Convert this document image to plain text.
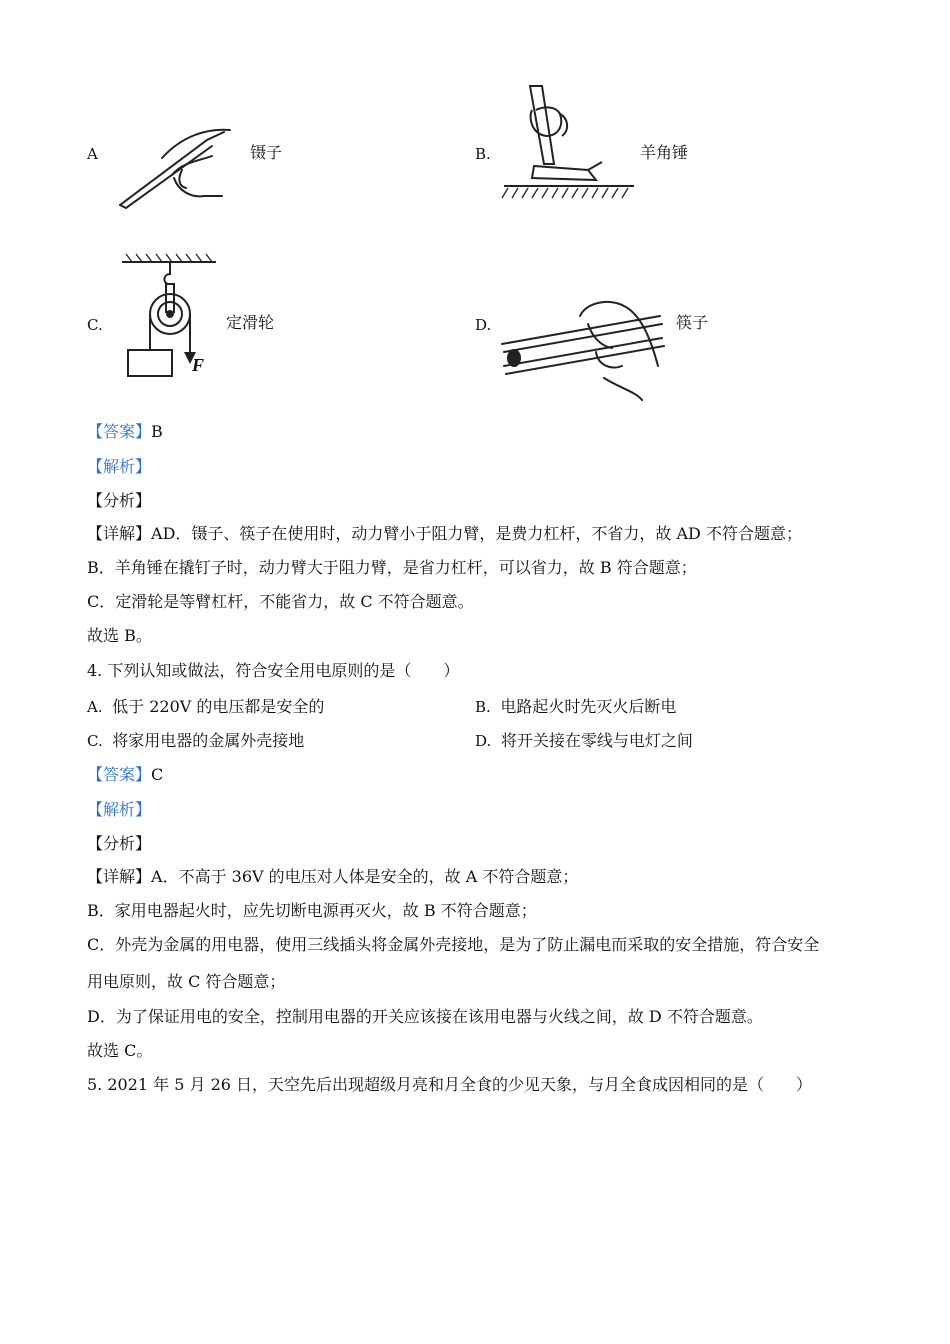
A	镊子	B.	羊角锤
C.
F
定滑轮	D.	筷子
【答案】B
【解析】
【分析】
【详解】AD．镊子、筷子在使用时，动力臂小于阻力臂，是费力杠杆，不省力，故 AD 不符合题意；
B．羊角锤在撬钉子时，动力臂大于阻力臂，是省力杠杆，可以省力，故 B 符合题意；
C．定滑轮是等臂杠杆，不能省力，故 C 不符合题意。
故选 B。
4. 下列认知或做法，符合安全用电原则的是（　　）
A. 低于 220V 的电压都是安全的	B. 电路起火时先灭火后断电
C. 将家用电器的金属外壳接地	D. 将开关接在零线与电灯之间
【答案】C
【解析】
【分析】
【详解】A．不高于 36V 的电压对人体是安全的，故 A 不符合题意；
B．家用电器起火时，应先切断电源再灭火，故 B 不符合题意；
C．外壳为金属的用电器，使用三线插头将金属外壳接地，是为了防止漏电而采取的安全措施，符合安全
用电原则，故 C 符合题意；
D．为了保证用电的安全，控制用电器的开关应该接在该用电器与火线之间，故 D 不符合题意。
故选 C。
5. 2021 年 5 月 26 日，天空先后出现超级月亮和月全食的少见天象，与月全食成因相同的是（　　）
